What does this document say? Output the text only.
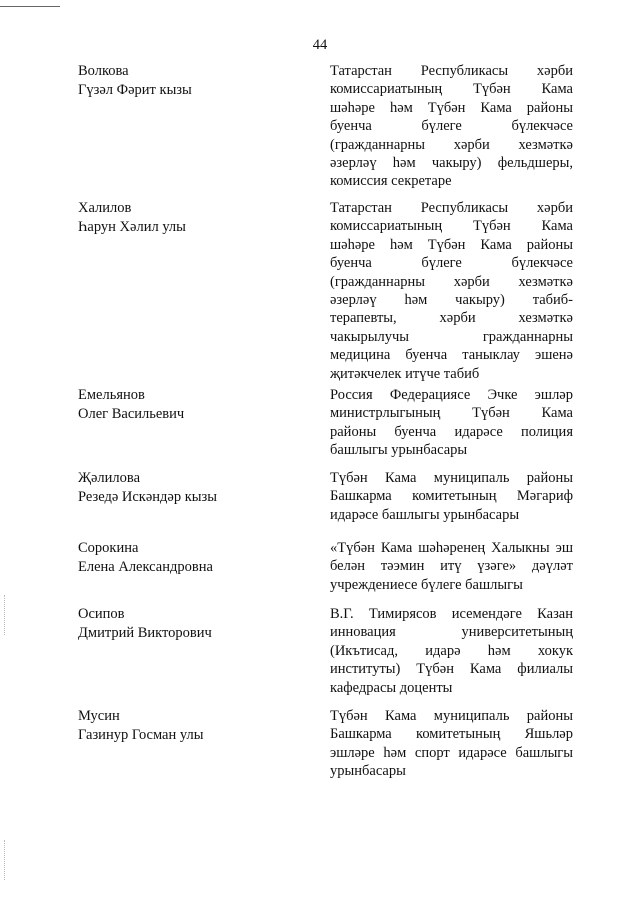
44
Волкова
Гүзәл Фәрит кызы
Татарстан Республикасы хәрби
комиссариатының Түбән Кама
шәһәре һәм Түбән Кама районы
буенча бүлеге бүлекчәсе
(гражданнарны хәрби хезмәткә
әзерләү һәм чакыру) фельдшеры,
комиссия секретаре
Халилов
Һарун Хәлил улы
Татарстан Республикасы хәрби
комиссариатының Түбән Кама
шәһәре һәм Түбән Кама районы
буенча бүлеге бүлекчәсе
(гражданнарны хәрби хезмәткә
әзерләү һәм чакыру) табиб-
терапевты, хәрби хезмәткә
чакырылучы гражданнарны
медицина буенча таныклау эшенә
җитәкчелек итүче табиб
Емельянов
Олег Васильевич
Россия Федерациясе Эчке эшләр
министрлыгының Түбән Кама
районы буенча идарәсе полиция
башлыгы урынбасары
Җәлилова
Резедә Искәндәр кызы
Түбән Кама муниципаль районы
Башкарма комитетының Мәгариф
идарәсе башлыгы урынбасары
Сорокина
Елена Александровна
«Түбән Кама шәһәренең Халыкны эш
белән тәэмин итү үзәге» дәүләт
учреждениесе бүлеге башлыгы
Осипов
Дмитрий Викторович
В.Г. Тимирясов исемендәге Казан
инновация университетының
(Икътисад, идарә һәм хокук
институты) Түбән Кама филиалы
кафедрасы доценты
Мусин
Газинур Госман улы
Түбән Кама муниципаль районы
Башкарма комитетының Яшьләр
эшләре һәм спорт идарәсе башлыгы
урынбасары
